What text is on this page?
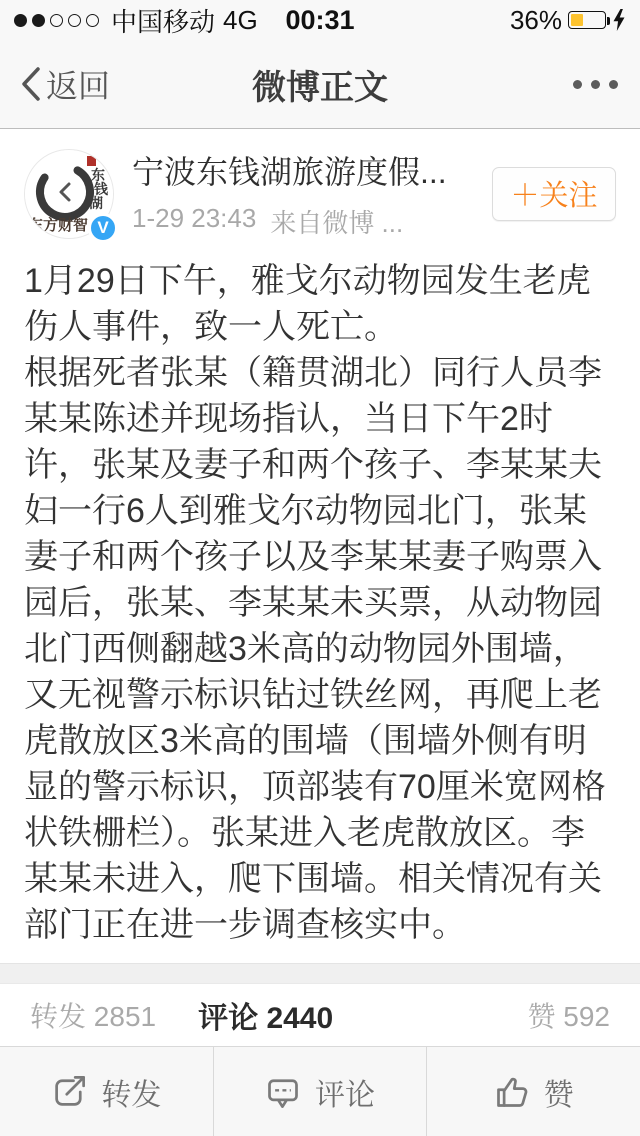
00:31
中国移动 4G	36%
微博正文
返回
东
钱
湖
东方财智 V
宁波东钱湖旅游度假...
1-29 23:43 来自微博 ...
＋关注

1月29日下午，雅戈尔动物园发生老虎伤人事件，致一人死亡。

根据死者张某（籍贯湖北）同行人员李某某陈述并现场指认，当日下午2时许，张某及妻子和两个孩子、李某某夫妇一行6人到雅戈尔动物园北门，张某妻子和两个孩子以及李某某妻子购票入园后，张某、李某某未买票，从动物园北门西侧翻越3米高的动物园外围墙，又无视警示标识钻过铁丝网，再爬上老虎散放区3米高的围墙（围墙外侧有明显的警示标识，顶部装有70厘米宽网格状铁栅栏）。张某进入老虎散放区。李某某未进入，爬下围墙。相关情况有关部门正在进一步调查核实中。

转发 2851 评论 2440	赞 592
转发	评论	赞
